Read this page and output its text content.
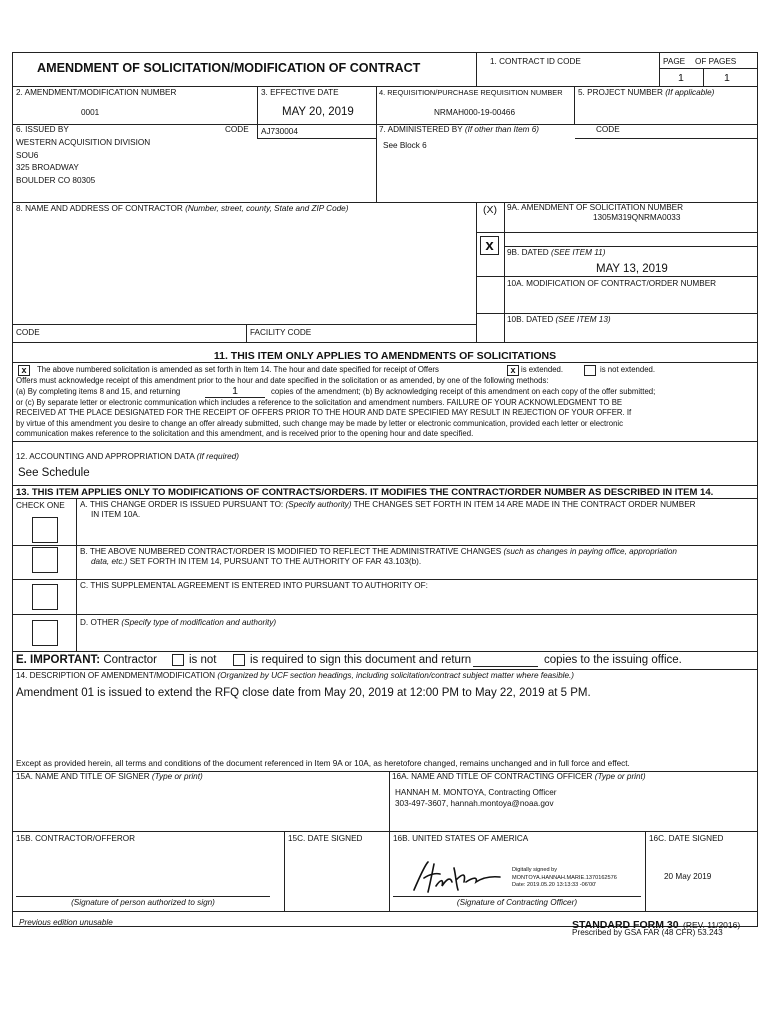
AMENDMENT OF SOLICITATION/MODIFICATION OF CONTRACT	1. CONTRACT ID CODE	PAGE OF PAGES
1	1
2. AMENDMENT/MODIFICATION NUMBER	3. EFFECTIVE DATE	4. REQUISITION/PURCHASE REQUISITION NUMBER 5. PROJECT NUMBER (If applicable)
0001	MAY 20, 2019	NRMAH000-19-00466
6. ISSUED BY	CODE AJ730004
WESTERN ACQUISITION DIVISION
SOU6
325 BROADWAY
BOULDER CO 80305
7. ADMINISTERED BY (If other than Item 6)	CODE
See Block 6
8. NAME AND ADDRESS OF CONTRACTOR (Number, street, county, State and ZIP Code)	(X)	9A. AMENDMENT OF SOLICITATION NUMBER
1305M319QNRMA0033
x	9B. DATED (SEE ITEM 11)
MAY 13, 2019
10A. MODIFICATION OF CONTRACT/ORDER NUMBER
10B. DATED (SEE ITEM 13)
CODE	FACILITY CODE
11. THIS ITEM ONLY APPLIES TO AMENDMENTS OF SOLICITATIONS
x	The above numbered solicitation is amended as set forth in Item 14. The hour and date specified for receipt of Offers	x is extended.	is not extended.
Offers must acknowledge receipt of this amendment prior to the hour and date specified in the solicitation or as amended, by one of the following methods:
(a) By completing items 8 and 15, and returning	1	copies of the amendment; (b) By acknowledging receipt of this amendment on each copy of the offer submitted;
or (c) By separate letter or electronic communication which includes a reference to the solicitation and amendment numbers. FAILURE OF YOUR ACKNOWLEDGMENT TO BE
RECEIVED AT THE PLACE DESIGNATED FOR THE RECEIPT OF OFFERS PRIOR TO THE HOUR AND DATE SPECIFIED MAY RESULT IN REJECTION OF YOUR OFFER. If
by virtue of this amendment you desire to change an offer already submitted, such change may be made by letter or electronic communication, provided each letter or electronic
communication makes reference to the solicitation and this amendment, and is received prior to the opening hour and date specified.
12. ACCOUNTING AND APPROPRIATION DATA (If required)
See Schedule
13. THIS ITEM APPLIES ONLY TO MODIFICATIONS OF CONTRACTS/ORDERS. IT MODIFIES THE CONTRACT/ORDER NUMBER AS DESCRIBED IN ITEM 14.
CHECK ONE A. THIS CHANGE ORDER IS ISSUED PURSUANT TO: (Specify authority) THE CHANGES SET FORTH IN ITEM 14 ARE MADE IN THE CONTRACT ORDER NUMBER
IN ITEM 10A.
B. THE ABOVE NUMBERED CONTRACT/ORDER IS MODIFIED TO REFLECT THE ADMINISTRATIVE CHANGES (such as changes in paying office, appropriation
data, etc.) SET FORTH IN ITEM 14, PURSUANT TO THE AUTHORITY OF FAR 43.103(b).
C. THIS SUPPLEMENTAL AGREEMENT IS ENTERED INTO PURSUANT TO AUTHORITY OF:
D. OTHER (Specify type of modification and authority)
E. IMPORTANT: Contractor	is not	is required to sign this document and return	copies to the issuing office.
14. DESCRIPTION OF AMENDMENT/MODIFICATION (Organized by UCF section headings, including solicitation/contract subject matter where feasible.)
Amendment 01 is issued to extend the RFQ close date from May 20, 2019 at 12:00 PM to May 22, 2019 at 5 PM.
Except as provided herein, all terms and conditions of the document referenced in Item 9A or 10A, as heretofore changed, remains unchanged and in full force and effect.
15A. NAME AND TITLE OF SIGNER (Type or print)	16A. NAME AND TITLE OF CONTRACTING OFFICER (Type or print)
HANNAH M. MONTOYA, Contracting Officer
303-497-3607, hannah.montoya@noaa.gov
15B. CONTRACTOR/OFFEROR	15C. DATE SIGNED	16B. UNITED STATES OF AMERICA	16C. DATE SIGNED
Digitally signed by
MONTOYA.HANNAH.MARIE.1370162576
Date: 2019.05.20 13:13:33 -06'00'
20 May 2019
(Signature of person authorized to sign)	(Signature of Contracting Officer)
Previous edition unusable	STANDARD FORM 30 (REV. 11/2016)
Prescribed by GSA FAR (48 CFR) 53.243
